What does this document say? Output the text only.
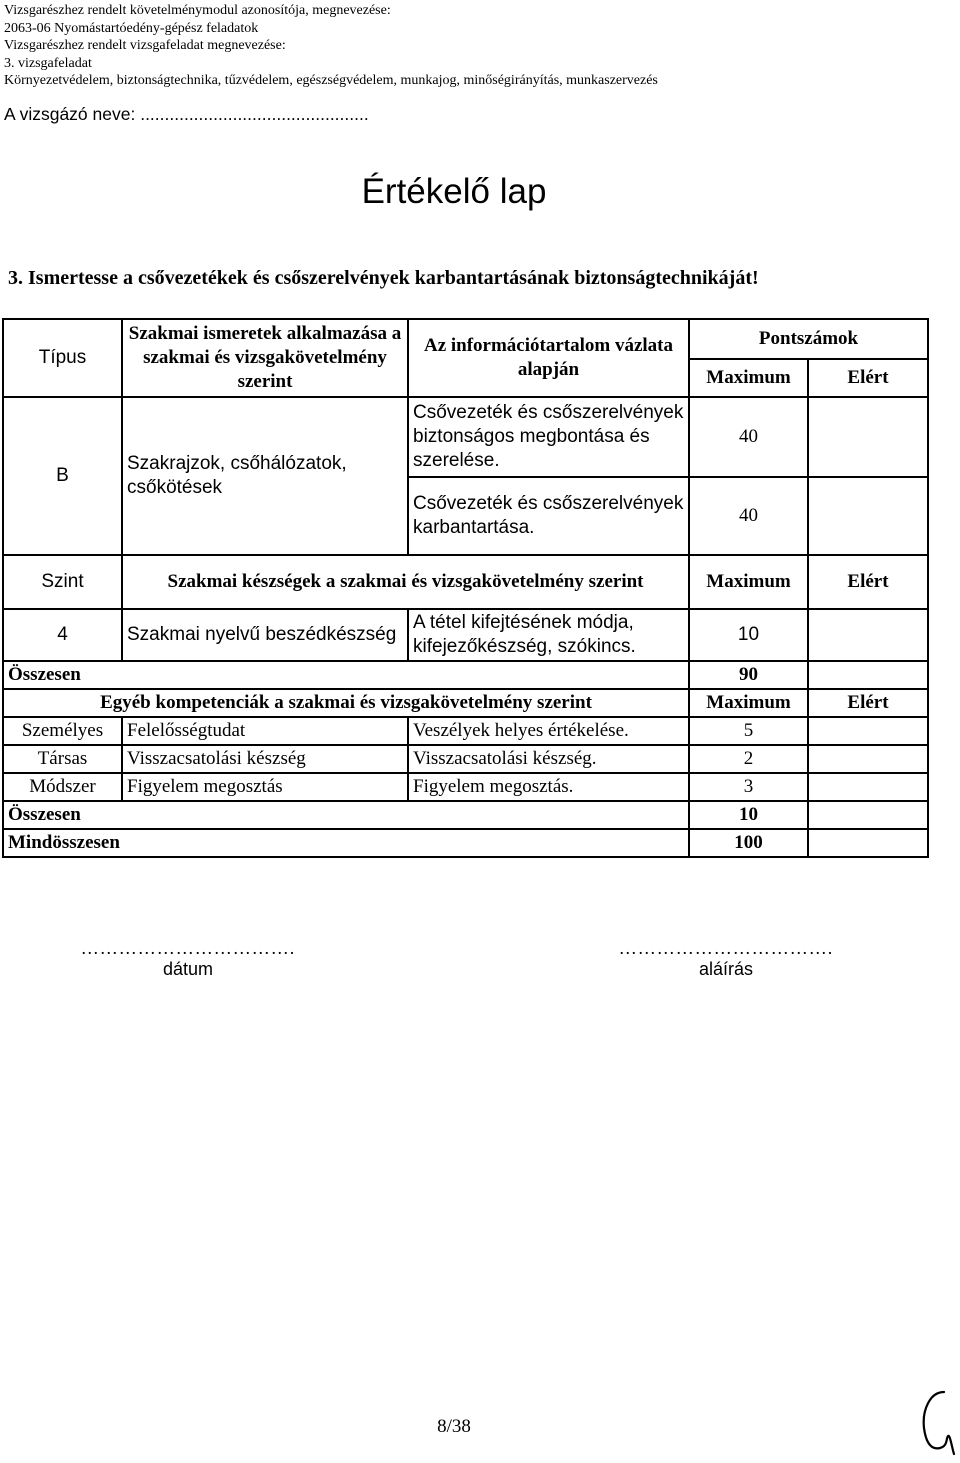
Vizsgarészhez rendelt követelménymodul azonosítója, megnevezése:
2063-06 Nyomástartóedény-gépész feladatok
Vizsgarészhez rendelt vizsgafeladat megnevezése:
3. vizsgafeladat
Környezetvédelem, biztonságtechnika, tűzvédelem, egészségvédelem, munkajog, minőségirányítás, munkaszervezés
A vizsgázó neve: ...............................................
Értékelő lap
3. Ismertesse a csővezetékek és csőszerelvények karbantartásának biztonságtechnikáját!
Típus	Szakmai ismeretek alkalmazása a szakmai és vizsgakövetelmény szerint	Az információtartalom vázlata alapján	Pontszámok	
			Maximum	Elért
B	Szakrajzok, csőhálózatok, csőkötések	Csővezeték és csőszerelvények biztonságos megbontása és szerelése.	40	
		Csővezeték és csőszerelvények karbantartása.	40	
Szint	Szakmai készségek a szakmai és vizsgakövetelmény szerint		Maximum	Elért
4	Szakmai nyelvű beszédkészség	A tétel kifejtésének módja, kifejezőkészség, szókincs.	10	
Összesen			90	
Egyéb kompetenciák a szakmai és vizsgakövetelmény szerint			Maximum	Elért
Személyes	Felelősségtudat	Veszélyek helyes értékelése.	5	
Társas	Visszacsatolási készség	Visszacsatolási készség.	2	
Módszer	Figyelem megosztás	Figyelem megosztás.	3	
Összesen			10	
Mindösszesen			100	
…………………………….
dátum
…………………………….
aláírás
8/38
